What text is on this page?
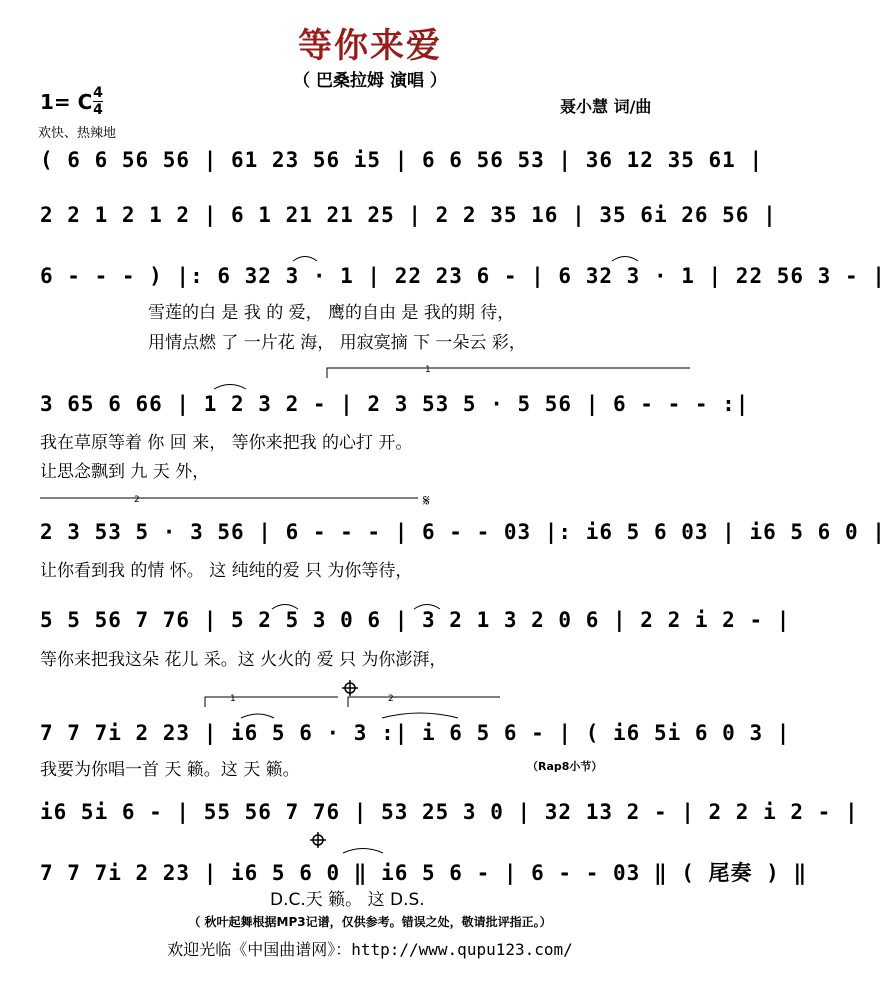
等你来爱
（ 巴桑拉姆 演唱 ）
1= C 4
4
欢快、热辣地
聂小慧 词/曲
( 6 6 56 56 | 61 23 56 i5 | 6 6 56 53 | 36 12 35 61 |
2 2 1 2 1 2 | 6 1 21 21 25 | 2 2 35 16 | 35 6i 26 56 |
6 - - - ) |: 6 32 3 · 1 | 22 23 6 - | 6 32 3 · 1 | 22 56 3 - |
雪莲的白 是 我 的 爱， 鹰的自由 是 我的期 待，
用情点燃 了 一片花 海， 用寂寞摘 下 一朵云 彩，
3 65 6 66 | 1 2 3 2 - | 2 3 53 5 · 5 56 | 6 - - - :|
我在草原等着 你 回 来， 等你来把我 的心打 开。
让思念飘到 九 天 外，
2 3 53 5 · 3 56 | 6 - - - | 6 - - 03 |: i6 5 6 03 | i6 5 6 0 |
让你看到我 的情 怀。 这 纯纯的爱 只 为你等待，
5 5 56 7 76 | 5 2 5 3 0 6 | 3 2 1 3 2 0 6 | 2 2 i 2 - |
等你来把我这朵 花儿 采。这 火火的 爱 只 为你澎湃，
7 7 7i 2 23 | i6 5 6 · 3 :| i 6 5 6 - | ( i6 5i 6 0 3 |
我要为你唱一首 天 籁。这 天 籁。	（Rap8小节）
i6 5i 6 - | 55 56 7 76 | 53 25 3 0 | 32 13 2 - | 2 2 i 2 - |
7 7 7i 2 23 | i6 5 6 0 ‖ i6 5 6 - | 6 - - 03 ‖ ( 尾奏 ) ‖
D.C.天 籁。 这 D.S.
1
2	𝄋
1	2
（ 秋叶起舞根据MP3记谱，仅供参考。错误之处，敬请批评指正。）
欢迎光临《中国曲谱网》：http://www.qupu123.com/
